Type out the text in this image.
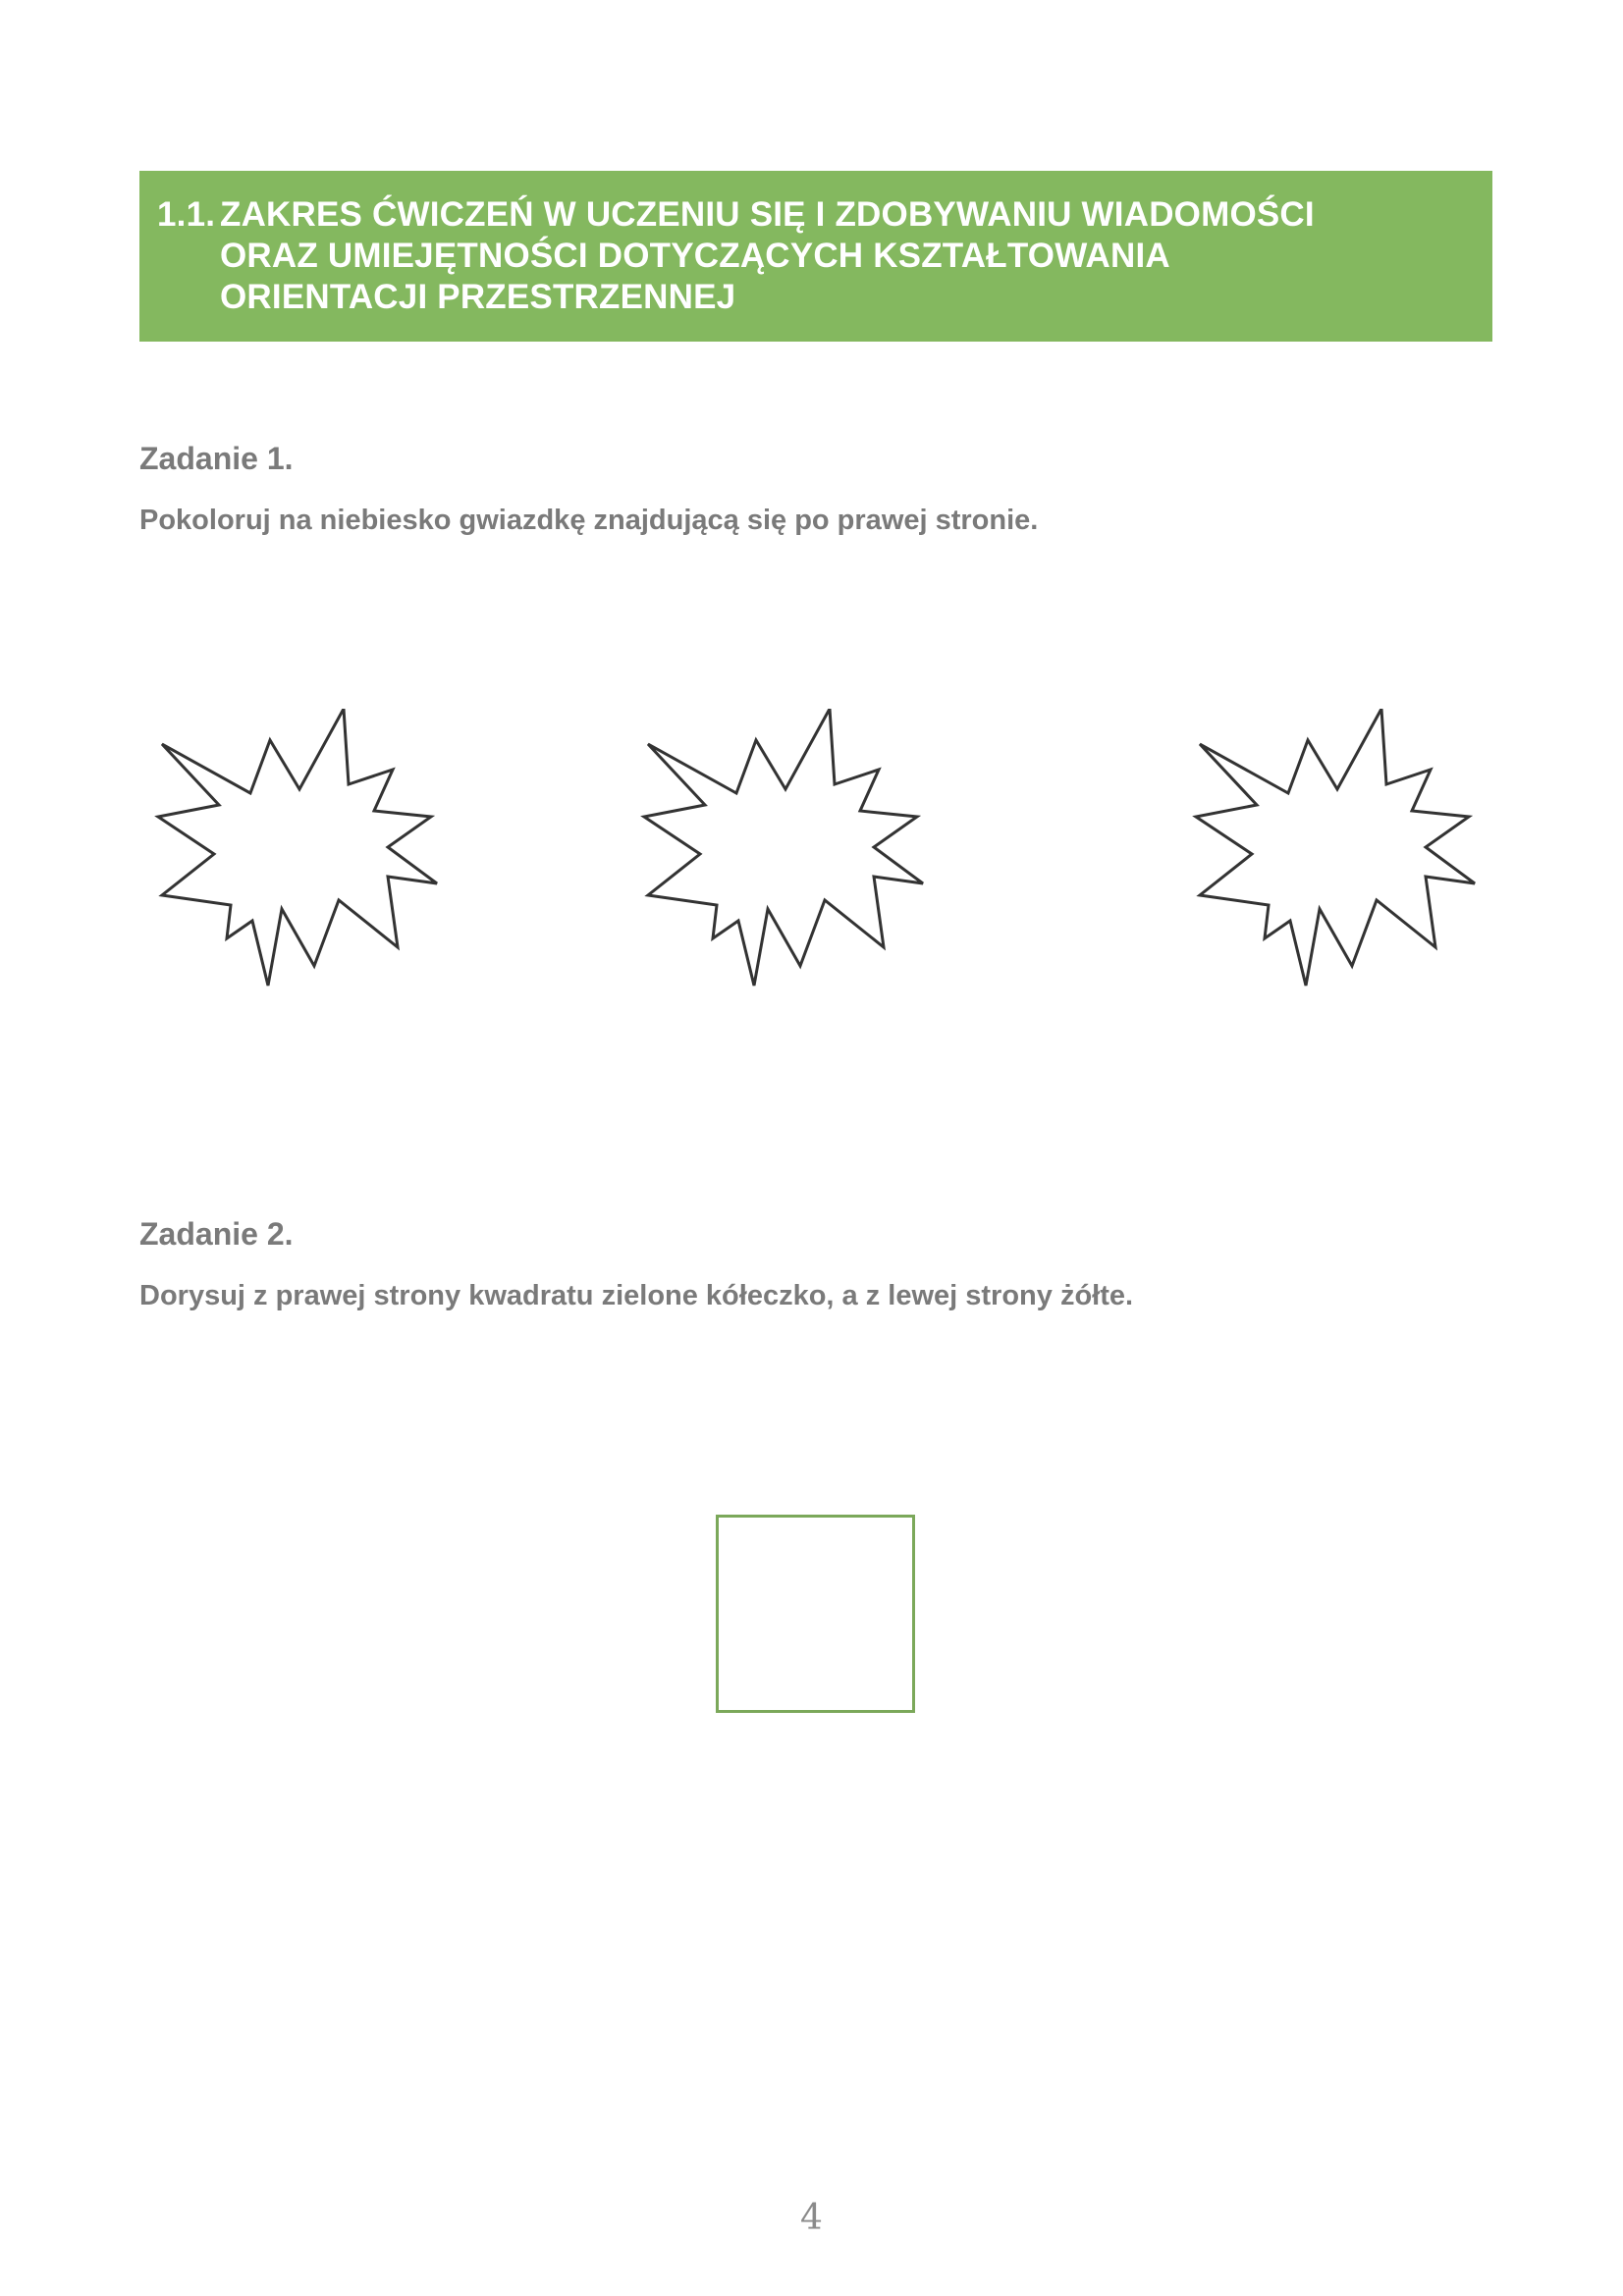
1.1. ZAKRES ĆWICZEŃ W UCZENIU SIĘ I ZDOBYWANIU WIADOMOŚCI
ORAZ UMIEJĘTNOŚCI DOTYCZĄCYCH KSZTAŁTOWANIA
ORIENTACJI PRZESTRZENNEJ
Zadanie 1.
Pokoloruj na niebiesko gwiazdkę znajdującą się po prawej stronie.
Zadanie 2.
Dorysuj z prawej strony kwadratu zielone kółeczko, a z lewej strony żółte.
4
